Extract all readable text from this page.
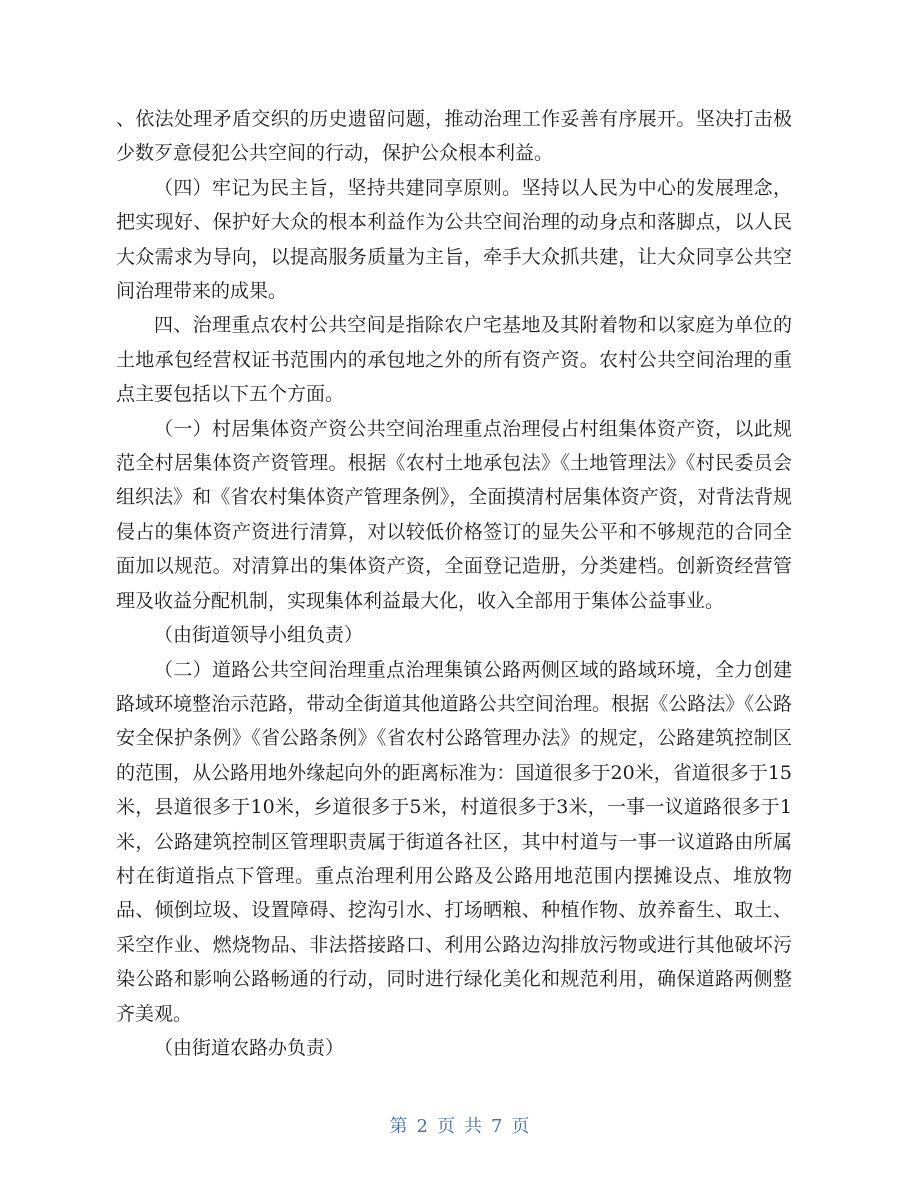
、依法处理矛盾交织的历史遗留问题，推动治理工作妥善有序展开。坚决打击极少数歹意侵犯公共空间的行动，保护公众根本利益。

（四）牢记为民主旨，坚持共建同享原则。坚持以人民为中心的发展理念，把实现好、保护好大众的根本利益作为公共空间治理的动身点和落脚点，以人民大众需求为导向，以提高服务质量为主旨，牵手大众抓共建，让大众同享公共空间治理带来的成果。

四、治理重点农村公共空间是指除农户宅基地及其附着物和以家庭为单位的土地承包经营权证书范围内的承包地之外的所有资产资。农村公共空间治理的重点主要包括以下五个方面。

（一）村居集体资产资公共空间治理重点治理侵占村组集体资产资，以此规范全村居集体资产资管理。根据《农村土地承包法》《土地管理法》《村民委员会组织法》和《省农村集体资产管理条例》，全面摸清村居集体资产资，对背法背规侵占的集体资产资进行清算，对以较低价格签订的显失公平和不够规范的合同全面加以规范。对清算出的集体资产资，全面登记造册，分类建档。创新资经营管理及收益分配机制，实现集体利益最大化，收入全部用于集体公益事业。

（由街道领导小组负责）

（二）道路公共空间治理重点治理集镇公路两侧区域的路域环境，全力创建路域环境整治示范路，带动全街道其他道路公共空间治理。根据《公路法》《公路安全保护条例》《省公路条例》《省农村公路管理办法》的规定，公路建筑控制区的范围，从公路用地外缘起向外的距离标准为：国道很多于20米，省道很多于15米，县道很多于10米，乡道很多于5米，村道很多于3米，一事一议道路很多于1米，公路建筑控制区管理职责属于街道各社区，其中村道与一事一议道路由所属村在街道指点下管理。重点治理利用公路及公路用地范围内摆摊设点、堆放物品、倾倒垃圾、设置障碍、挖沟引水、打场晒粮、种植作物、放养畜生、取土、采空作业、燃烧物品、非法搭接路口、利用公路边沟排放污物或进行其他破坏污染公路和影响公路畅通的行动，同时进行绿化美化和规范利用，确保道路两侧整齐美观。

（由街道农路办负责）

第 2 页 共 7 页
